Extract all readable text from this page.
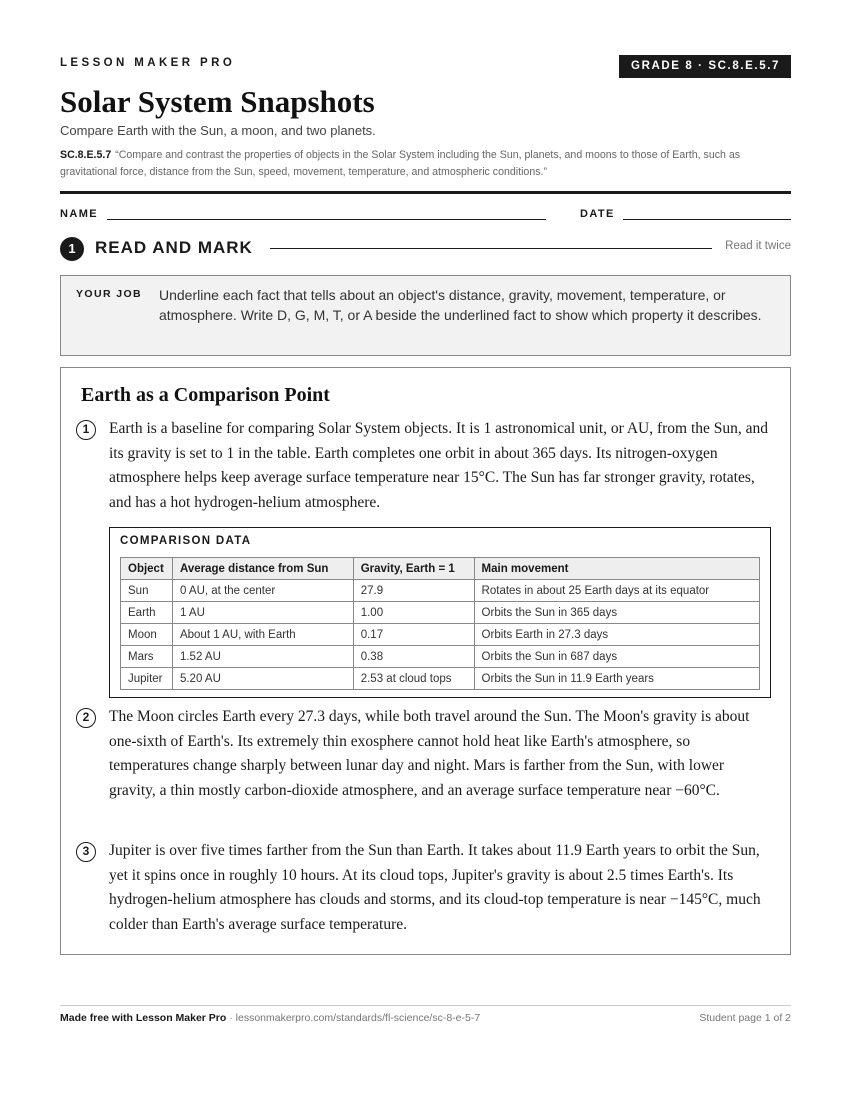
LESSON MAKER PRO	GRADE 8 · SC.8.E.5.7
Solar System Snapshots
Compare Earth with the Sun, a moon, and two planets.
SC.8.E.5.7 “Compare and contrast the properties of objects in the Solar System including the Sun, planets, and moons to those of Earth, such as gravitational force, distance from the Sun, speed, movement, temperature, and atmospheric conditions.”
NAME	DATE
1	READ AND MARK	Read it twice
YOUR JOB Underline each fact that tells about an object's distance, gravity, movement, temperature, or atmosphere. Write D, G, M, T, or A beside the underlined fact to show which property it describes.
Earth as a Comparison Point
1	Earth is a baseline for comparing Solar System objects. It is 1 astronomical unit, or AU, from the Sun, and its gravity is set to 1 in the table. Earth completes one orbit in about 365 days. Its nitrogen-oxygen atmosphere helps keep average surface temperature near 15°C. The Sun has far stronger gravity, rotates, and has a hot hydrogen-helium atmosphere.

COMPARISON DATA
Object	Average distance from Sun	Gravity, Earth = 1	Main movement
Sun	0 AU, at the center	27.9	Rotates in about 25 Earth days at its equator
Earth	1 AU	1.00	Orbits the Sun in 365 days
Moon	About 1 AU, with Earth	0.17	Orbits Earth in 27.3 days
Mars	1.52 AU	0.38	Orbits the Sun in 687 days
Jupiter	5.20 AU	2.53 at cloud tops	Orbits the Sun in 11.9 Earth years
2	The Moon circles Earth every 27.3 days, while both travel around the Sun. The Moon's gravity is about one-sixth of Earth's. Its extremely thin exosphere cannot hold heat like Earth's atmosphere, so temperatures change sharply between lunar day and night. Mars is farther from the Sun, with lower gravity, a thin mostly carbon-dioxide atmosphere, and an average surface temperature near −60°C.

3	Jupiter is over five times farther from the Sun than Earth. It takes about 11.9 Earth years to orbit the Sun, yet it spins once in roughly 10 hours. At its cloud tops, Jupiter's gravity is about 2.5 times Earth's. Its hydrogen-helium atmosphere has clouds and storms, and its cloud-top temperature is near −145°C, much colder than Earth's average surface temperature.

Made free with Lesson Maker Pro · lessonmakerpro.com/standards/fl-science/sc-8-e-5-7	Student page 1 of 2
